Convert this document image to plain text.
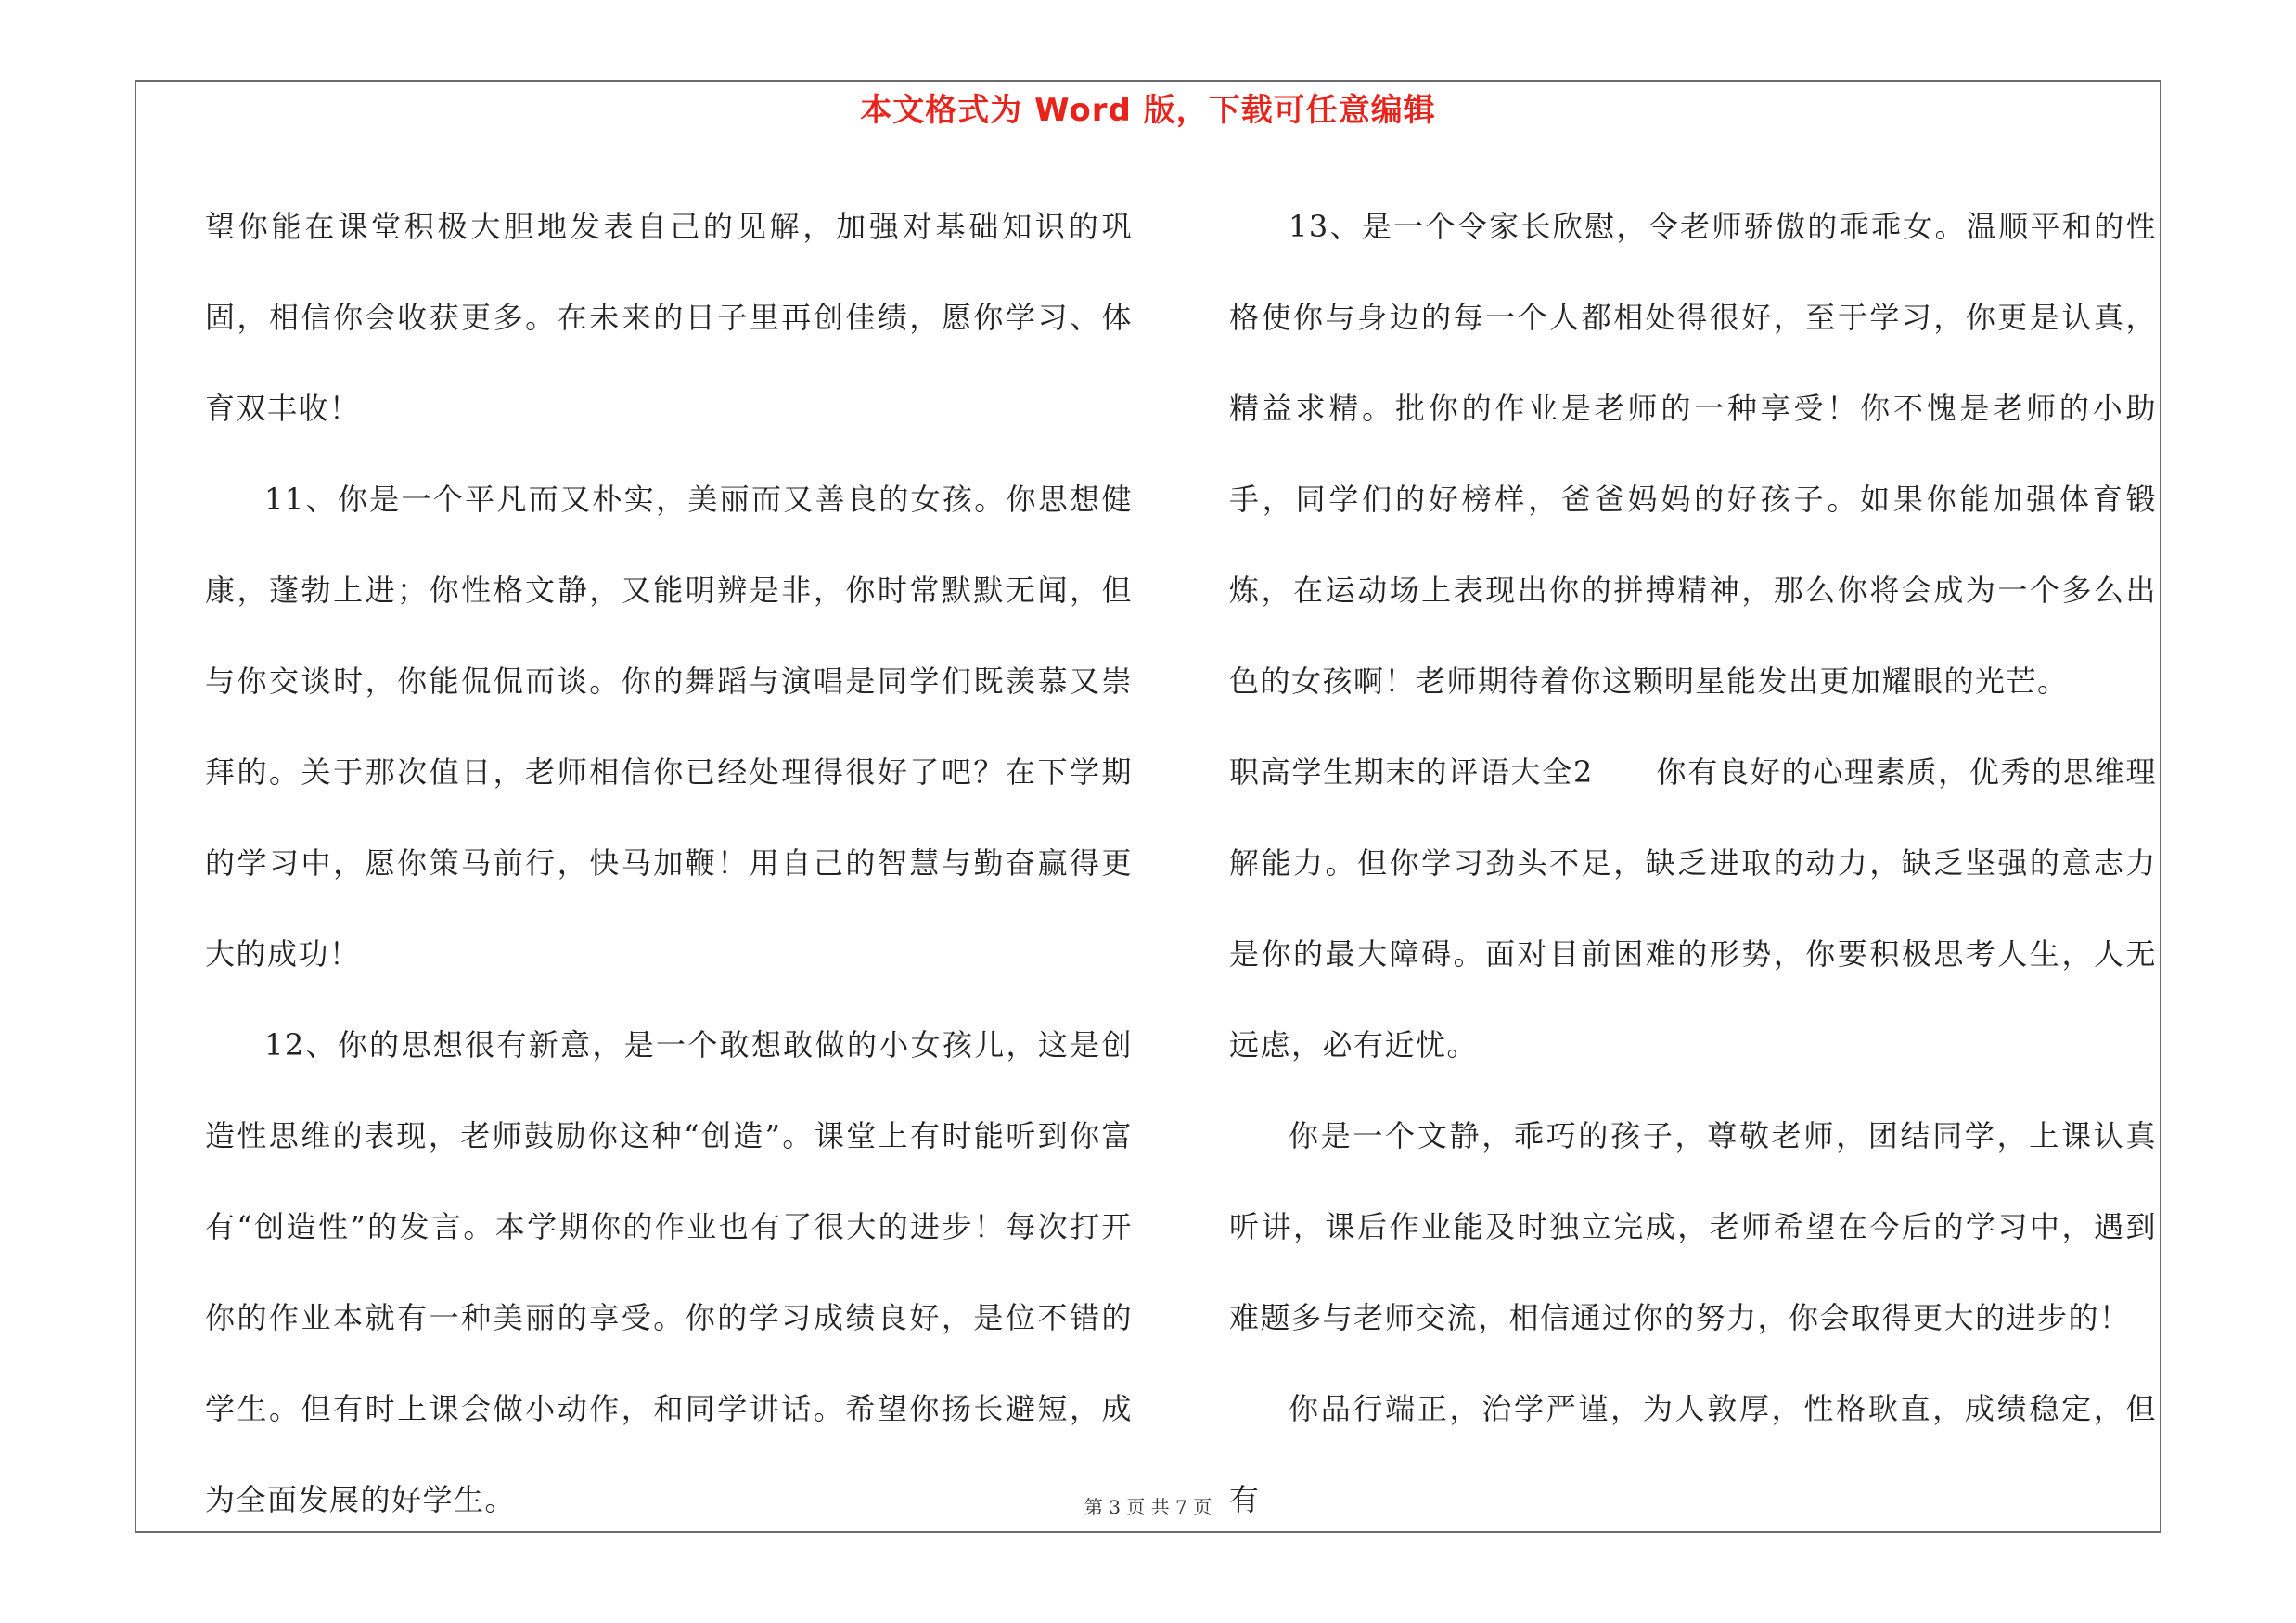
本文格式为 Word 版，下载可任意编辑

望你能在课堂积极大胆地发表自己的见解，加强对基础知识的巩固，相信你会收获更多。在未来的日子里再创佳绩，愿你学习、体育双丰收！

11、你是一个平凡而又朴实，美丽而又善良的女孩。你思想健康，蓬勃上进；你性格文静，又能明辨是非，你时常默默无闻，但与你交谈时，你能侃侃而谈。你的舞蹈与演唱是同学们既羡慕又崇拜的。关于那次值日，老师相信你已经处理得很好了吧？在下学期的学习中，愿你策马前行，快马加鞭！用自己的智慧与勤奋赢得更大的成功！

12、你的思想很有新意，是一个敢想敢做的小女孩儿，这是创造性思维的表现，老师鼓励你这种“创造”。课堂上有时能听到你富有“创造性”的发言。本学期你的作业也有了很大的进步！每次打开你的作业本就有一种美丽的享受。你的学习成绩良好，是位不错的学生。但有时上课会做小动作，和同学讲话。希望你扬长避短，成为全面发展的好学生。

13、是一个令家长欣慰，令老师骄傲的乖乖女。温顺平和的性格使你与身边的每一个人都相处得很好，至于学习，你更是认真，精益求精。批你的作业是老师的一种享受！你不愧是老师的小助手，同学们的好榜样，爸爸妈妈的好孩子。如果你能加强体育锻炼，在运动场上表现出你的拼搏精神，那么你将会成为一个多么出色的女孩啊！老师期待着你这颗明星能发出更加耀眼的光芒。

职高学生期末的评语大全2　　你有良好的心理素质，优秀的思维理解能力。但你学习劲头不足，缺乏进取的动力，缺乏坚强的意志力是你的最大障碍。面对目前困难的形势，你要积极思考人生，人无远虑，必有近忧。

你是一个文静，乖巧的孩子，尊敬老师，团结同学，上课认真听讲，课后作业能及时独立完成，老师希望在今后的学习中，遇到难题多与老师交流，相信通过你的努力，你会取得更大的进步的！

你品行端正，治学严谨，为人敦厚，性格耿直，成绩稳定，但有

第 3 页 共 7 页
